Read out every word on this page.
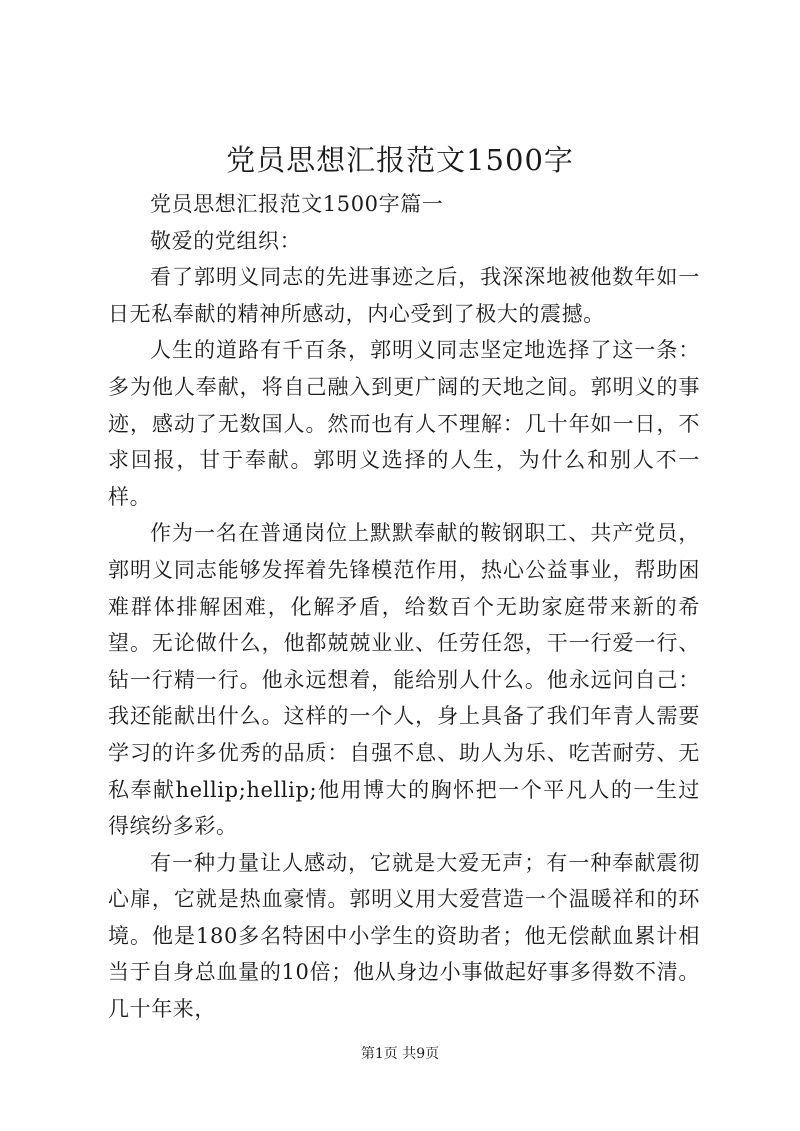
党员思想汇报范文1500字

党员思想汇报范文1500字篇一

敬爱的党组织：

看了郭明义同志的先进事迹之后，我深深地被他数年如一日无私奉献的精神所感动，内心受到了极大的震撼。

人生的道路有千百条，郭明义同志坚定地选择了这一条：多为他人奉献，将自己融入到更广阔的天地之间。郭明义的事迹，感动了无数国人。然而也有人不理解：几十年如一日，不求回报，甘于奉献。郭明义选择的人生，为什么和别人不一样。

作为一名在普通岗位上默默奉献的鞍钢职工、共产党员，郭明义同志能够发挥着先锋模范作用，热心公益事业，帮助困难群体排解困难，化解矛盾，给数百个无助家庭带来新的希望。无论做什么，他都兢兢业业、任劳任怨，干一行爱一行、钻一行精一行。他永远想着，能给别人什么。他永远问自己：我还能献出什么。这样的一个人，身上具备了我们年青人需要学习的许多优秀的品质：自强不息、助人为乐、吃苦耐劳、无私奉献hellip;hellip;他用博大的胸怀把一个平凡人的一生过得缤纷多彩。

有一种力量让人感动，它就是大爱无声；有一种奉献震彻心扉，它就是热血豪情。郭明义用大爱营造一个温暖祥和的环境。他是180多名特困中小学生的资助者；他无偿献血累计相当于自身总血量的10倍；他从身边小事做起好事多得数不清。几十年来，

第1页 共9页
